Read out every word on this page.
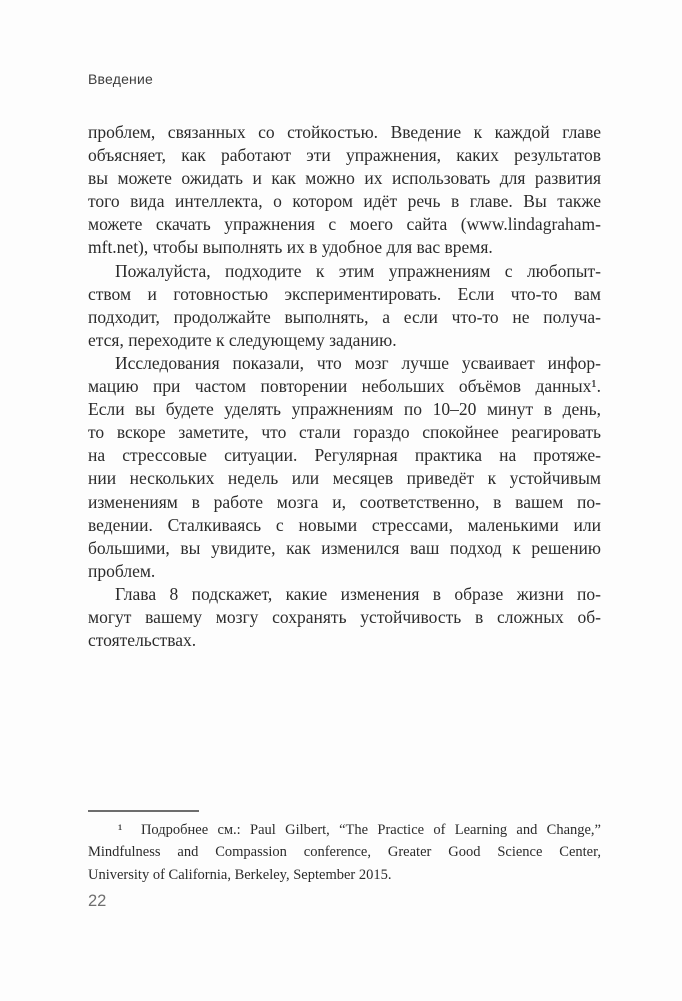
Введение
проблем, связанных со стойкостью. Введение к каждой главе
объясняет, как работают эти упражнения, каких результатов
вы можете ожидать и как можно их использовать для развития
того вида интеллекта, о котором идёт речь в главе. Вы также
можете скачать упражнения с моего сайта (www.lindagraham-
mft.net), чтобы выполнять их в удобное для вас время.
Пожалуйста, подходите к этим упражнениям с любопыт-
ством и готовностью экспериментировать. Если что-то вам
подходит, продолжайте выполнять, а если что-то не получа-
ется, переходите к следующему заданию.
Исследования показали, что мозг лучше усваивает инфор-
мацию при частом повторении небольших объёмов данных¹.
Если вы будете уделять упражнениям по 10–20 минут в день,
то вскоре заметите, что стали гораздо спокойнее реагировать
на стрессовые ситуации. Регулярная практика на протяже-
нии нескольких недель или месяцев приведёт к устойчивым
изменениям в работе мозга и, соответственно, в вашем по-
ведении. Сталкиваясь с новыми стрессами, маленькими или
большими, вы увидите, как изменился ваш подход к решению
проблем.
Глава 8 подскажет, какие изменения в образе жизни по-
могут вашему мозгу сохранять устойчивость в сложных об-
стоятельствах.
¹  Подробнее см.: Paul Gilbert, “The Practice of Learning and Change,”
Mindfulness and Compassion conference, Greater Good Science Center,
University of California, Berkeley, September 2015.
22
